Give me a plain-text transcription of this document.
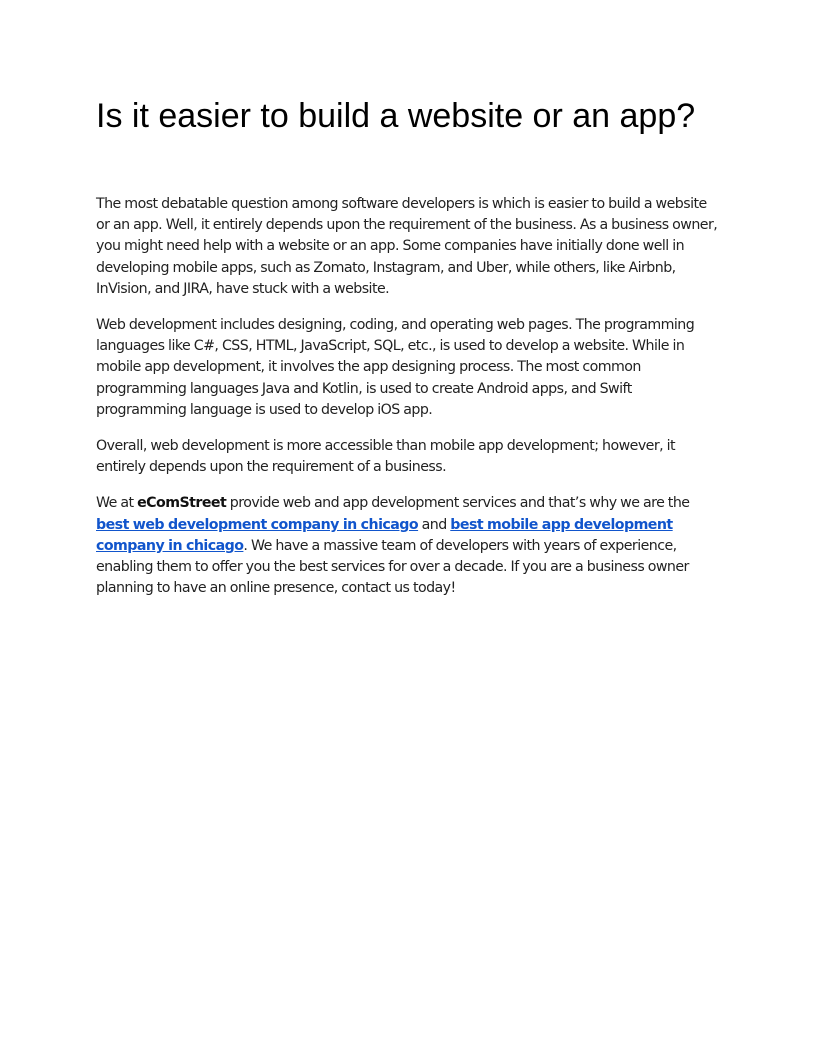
Is it easier to build a website or an app?

The most debatable question among software developers is which is easier to build a website or an app. Well, it entirely depends upon the requirement of the business. As a business owner, you might need help with a website or an app. Some companies have initially done well in developing mobile apps, such as Zomato, Instagram, and Uber, while others, like Airbnb, InVision, and JIRA, have stuck with a website.

Web development includes designing, coding, and operating web pages. The programming languages like C#, CSS, HTML, JavaScript, SQL, etc., is used to develop a website. While in mobile app development, it involves the app designing process. The most common programming languages Java and Kotlin, is used to create Android apps, and Swift programming language is used to develop iOS app.

Overall, web development is more accessible than mobile app development; however, it entirely depends upon the requirement of a business.

We at eComStreet provide web and app development services and that’s why we are the best web development company in chicago and best mobile app development company in chicago. We have a massive team of developers with years of experience, enabling them to offer you the best services for over a decade. If you are a business owner planning to have an online presence, contact us today!
